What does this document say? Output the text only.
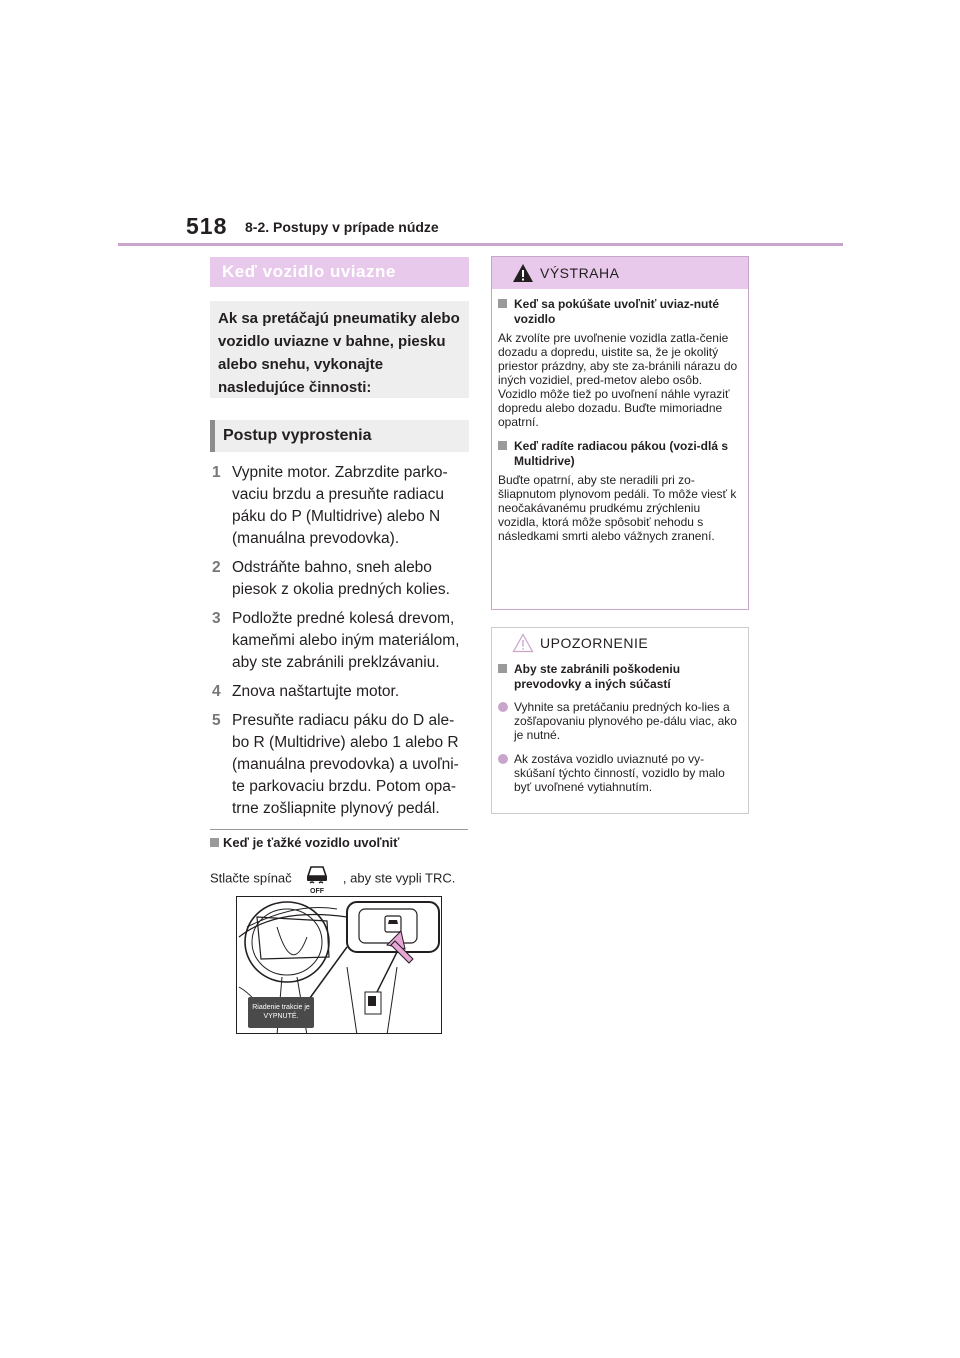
518 8-2. Postupy v prípade núdze
Keď vozidlo uviazne
Ak sa pretáčajú pneumatiky alebo vozidlo uviazne v bahne, piesku alebo snehu, vykonajte nasledujúce činnosti:
Postup vyprostenia
1 Vypnite motor. Zabrzdite parko-vaciu brzdu a presuňte radiacu páku do P (Multidrive) alebo N (manuálna prevodovka).
2 Odstráňte bahno, sneh alebo piesok z okolia predných kolies.
3 Podložte predné kolesá drevom, kameňmi alebo iným materiálom, aby ste zabránili preklzávaniu.
4 Znova naštartujte motor.
5 Presuňte radiacu páku do D ale-bo R (Multidrive) alebo 1 alebo R (manuálna prevodovka) a uvoľni-te parkovaciu brzdu. Potom opa-trne zošliapnite plynový pedál.
Keď je ťažké vozidlo uvoľniť
Stlačte spínač
OFF
, aby ste vypli TRC.
Riadenie trakcie je VYPNUTÉ.
VÝSTRAHA
Keď sa pokúšate uvoľniť uviaz-nuté vozidlo
Ak zvolíte pre uvoľnenie vozidla zatla-čenie dozadu a dopredu, uistite sa, že je okolitý priestor prázdny, aby ste za-bránili nárazu do iných vozidiel, pred-metov alebo osôb. Vozidlo môže tiež po uvoľnení náhle vyraziť dopredu alebo dozadu. Buďte mimoriadne opatrní.
Keď radíte radiacou pákou (vozi-dlá s Multidrive)
Buďte opatrní, aby ste neradili pri zo-šliapnutom plynovom pedáli. To môže viesť k neočakávanému prudkému zrýchleniu vozidla, ktorá môže spôsobiť nehodu s následkami smrti alebo vážnych zranení.
UPOZORNENIE
Aby ste zabránili poškodeniu prevodovky a iných súčastí
Vyhnite sa pretáčaniu predných ko-lies a zošľapovaniu plynového pe-dálu viac, ako je nutné.
Ak zostáva vozidlo uviaznuté po vy-skúšaní týchto činností, vozidlo by malo byť uvoľnené vytiahnutím.
